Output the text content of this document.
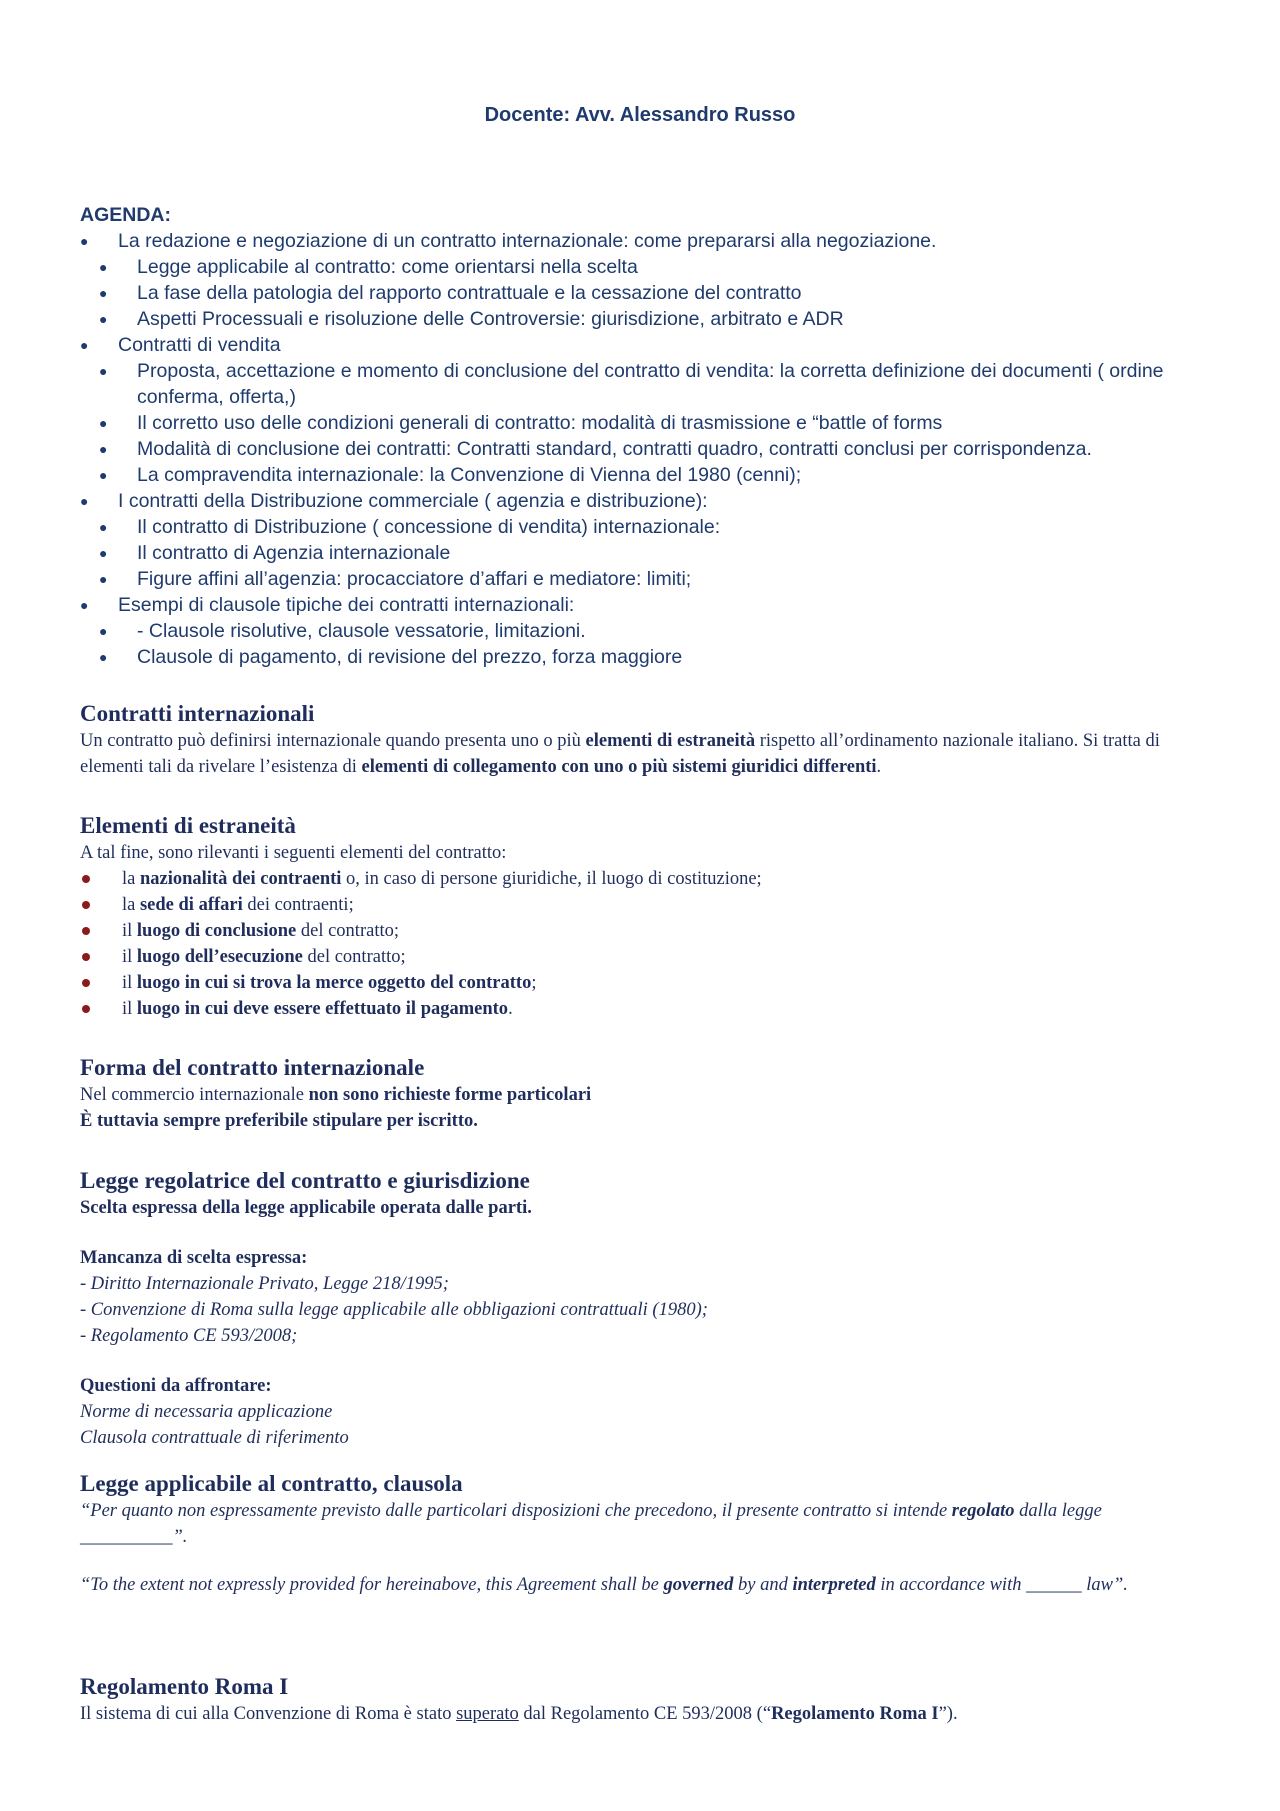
Docente: Avv. Alessandro Russo
AGENDA:
● La redazione e negoziazione di un contratto internazionale: come prepararsi alla negoziazione.
● Legge applicabile al contratto: come orientarsi nella scelta
● La fase della patologia del rapporto contrattuale e la cessazione del contratto
● Aspetti Processuali e risoluzione delle Controversie: giurisdizione, arbitrato e ADR
● Contratti di vendita
● Proposta, accettazione e momento di conclusione del contratto di vendita: la corretta definizione dei documenti ( ordine conferma, offerta,)
● Il corretto uso delle condizioni generali di contratto: modalità di trasmissione e “battle of forms
● Modalità di conclusione dei contratti: Contratti standard, contratti quadro, contratti conclusi per corrispondenza.
● La compravendita internazionale: la Convenzione di Vienna del 1980 (cenni);
● I contratti della Distribuzione commerciale ( agenzia e distribuzione):
● Il contratto di Distribuzione ( concessione di vendita) internazionale:
● Il contratto di Agenzia internazionale
● Figure affini all’agenzia: procacciatore d’affari e mediatore: limiti;
● Esempi di clausole tipiche dei contratti internazionali:
● - Clausole risolutive, clausole vessatorie, limitazioni.
● Clausole di pagamento, di revisione del prezzo, forza maggiore
Contratti internazionali
Un contratto può definirsi internazionale quando presenta uno o più elementi di estraneità rispetto all’ordinamento nazionale italiano. Si tratta di elementi tali da rivelare l’esistenza di elementi di collegamento con uno o più sistemi giuridici differenti.
Elementi di estraneità
A tal fine, sono rilevanti i seguenti elementi del contratto:
la nazionalità dei contraenti o, in caso di persone giuridiche, il luogo di costituzione;
la sede di affari dei contraenti;
il luogo di conclusione del contratto;
il luogo dell’esecuzione del contratto;
il luogo in cui si trova la merce oggetto del contratto;
il luogo in cui deve essere effettuato il pagamento.
Forma del contratto internazionale
Nel commercio internazionale non sono richieste forme particolari
È tuttavia sempre preferibile stipulare per iscritto.
Legge regolatrice del contratto e giurisdizione
Scelta espressa della legge applicabile operata dalle parti.
Mancanza di scelta espressa:
- Diritto Internazionale Privato, Legge 218/1995;
- Convenzione di Roma sulla legge applicabile alle obbligazioni contrattuali (1980);
- Regolamento CE 593/2008;
Questioni da affrontare:
Norme di necessaria applicazione
Clausola contrattuale di riferimento
Legge applicabile al contratto, clausola
“Per quanto non espressamente previsto dalle particolari disposizioni che precedono, il presente contratto si intende regolato dalla legge __________”.
“To the extent not expressly provided for hereinabove, this Agreement shall be governed by and interpreted in accordance with ______ law”.
Regolamento Roma I
Il sistema di cui alla Convenzione di Roma è stato superato dal Regolamento CE 593/2008 (“Regolamento Roma I”).
